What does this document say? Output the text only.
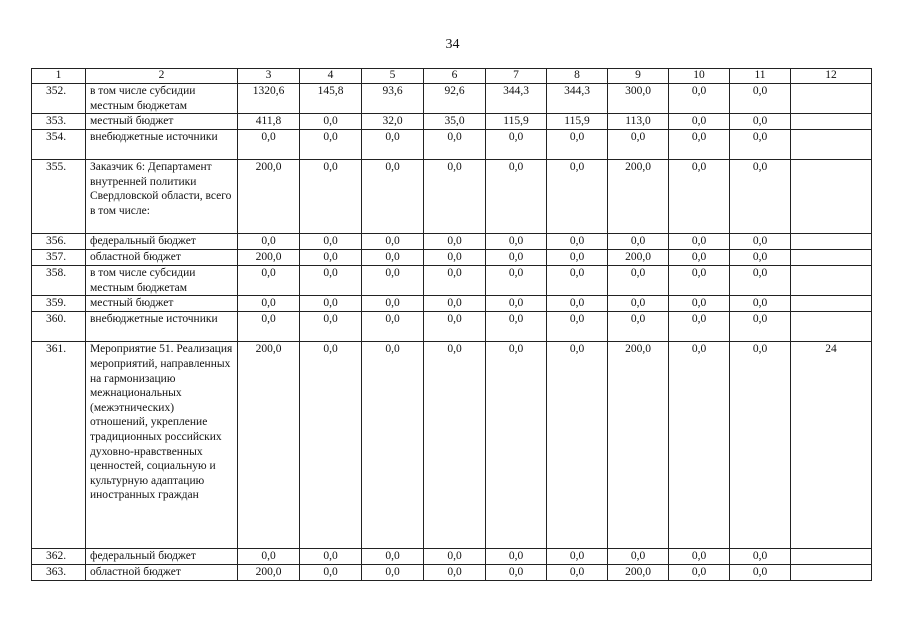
34
1	2	3	4	5	6	7	8	9	10	11	12
352.	в том числе субсидии местным бюджетам	1320,6	145,8	93,6	92,6	344,3	344,3	300,0	0,0	0,0	
353.	местный бюджет	411,8	0,0	32,0	35,0	115,9	115,9	113,0	0,0	0,0	
354.	внебюджетные источники	0,0	0,0	0,0	0,0	0,0	0,0	0,0	0,0	0,0	
355.	Заказчик 6: Департамент внутренней политики Свердловской области, всего в том числе:	200,0	0,0	0,0	0,0	0,0	0,0	200,0	0,0	0,0	
356.	федеральный бюджет	0,0	0,0	0,0	0,0	0,0	0,0	0,0	0,0	0,0	
357.	областной бюджет	200,0	0,0	0,0	0,0	0,0	0,0	200,0	0,0	0,0	
358.	в том числе субсидии местным бюджетам	0,0	0,0	0,0	0,0	0,0	0,0	0,0	0,0	0,0	
359.	местный бюджет	0,0	0,0	0,0	0,0	0,0	0,0	0,0	0,0	0,0	
360.	внебюджетные источники	0,0	0,0	0,0	0,0	0,0	0,0	0,0	0,0	0,0	
361.	Мероприятие 51. Реализация мероприятий, направленных на гармонизацию межнациональных (межэтнических) отношений, укрепление традиционных российских духовно-нравственных ценностей, социальную и культурную адаптацию иностранных граждан	200,0	0,0	0,0	0,0	0,0	0,0	200,0	0,0	0,0	24
362.	федеральный бюджет	0,0	0,0	0,0	0,0	0,0	0,0	0,0	0,0	0,0	
363.	областной бюджет	200,0	0,0	0,0	0,0	0,0	0,0	200,0	0,0	0,0	
